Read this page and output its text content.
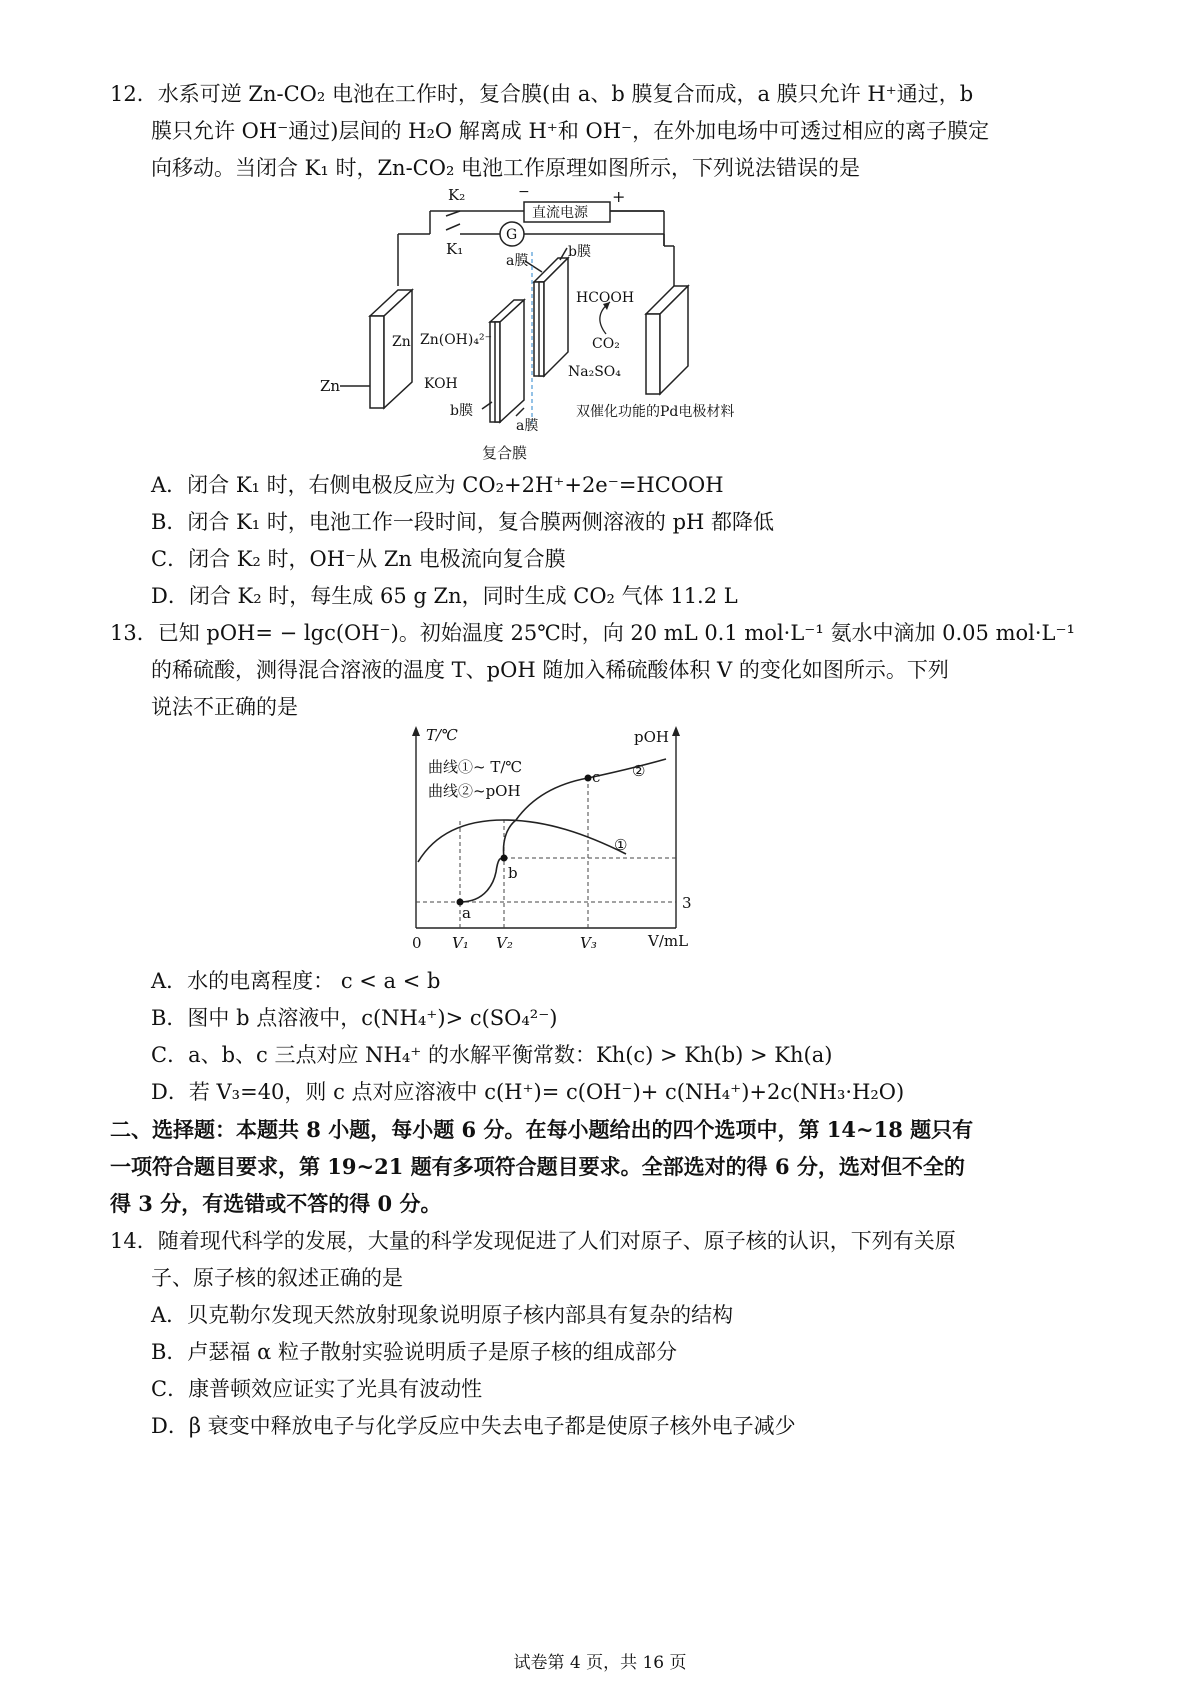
12．水系可逆 Zn-CO₂ 电池在工作时，复合膜(由 a、b 膜复合而成，a 膜只允许 H⁺通过，b
膜只允许 OH⁻通过)层间的 H₂O 解离成 H⁺和 OH⁻，在外加电场中可透过相应的离子膜定
向移动。当闭合 K₁ 时，Zn-CO₂ 电池工作原理如图所示，下列说法错误的是
K₂
K₁
−
直流电源
+
G
a膜
b膜
HCOOH
CO₂
Zn Zn(OH)₄²⁻
KOH
Na₂SO₄
Zn
b膜
a膜
双催化功能的Pd电极材料
复合膜
A．闭合 K₁ 时，右侧电极反应为 CO₂+2H⁺+2e⁻=HCOOH
B．闭合 K₁ 时，电池工作一段时间，复合膜两侧溶液的 pH 都降低
C．闭合 K₂ 时，OH⁻从 Zn 电极流向复合膜
D．闭合 K₂ 时，每生成 65 g Zn，同时生成 CO₂ 气体 11.2 L
13．已知 pOH= − lgc(OH⁻)。初始温度 25℃时，向 20 mL 0.1 mol·L⁻¹ 氨水中滴加 0.05 mol·L⁻¹
的稀硫酸，测得混合溶液的温度 T、pOH 随加入稀硫酸体积 V 的变化如图所示。下列
说法不正确的是
T/℃	pOH
曲线①~ T/℃
曲线②~pOH
②
①
a
b
c
0 V₁ V₂	V₃	V/mL
3
A．水的电离程度： c < a < b
B．图中 b 点溶液中，c(NH₄⁺)> c(SO₄²⁻)
C．a、b、c 三点对应 NH₄⁺ 的水解平衡常数：Kh(c) > Kh(b) > Kh(a)
D．若 V₃=40，则 c 点对应溶液中 c(H⁺)= c(OH⁻)+ c(NH₄⁺)+2c(NH₃·H₂O)
二、选择题：本题共 8 小题，每小题 6 分。在每小题给出的四个选项中，第 14~18 题只有
一项符合题目要求，第 19~21 题有多项符合题目要求。全部选对的得 6 分，选对但不全的
得 3 分，有选错或不答的得 0 分。
14．随着现代科学的发展，大量的科学发现促进了人们对原子、原子核的认识，下列有关原
子、原子核的叙述正确的是
A．贝克勒尔发现天然放射现象说明原子核内部具有复杂的结构
B．卢瑟福 α 粒子散射实验说明质子是原子核的组成部分
C．康普顿效应证实了光具有波动性
D．β 衰变中释放电子与化学反应中失去电子都是使原子核外电子减少
试卷第 4 页，共 16 页
